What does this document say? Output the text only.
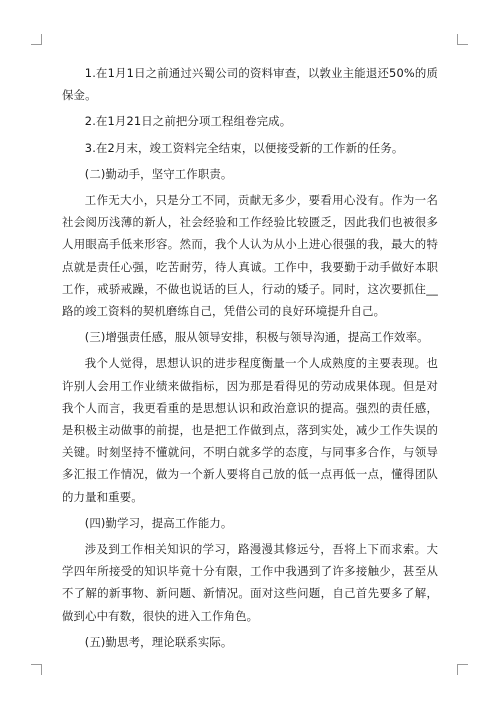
1.在1月1日之前通过兴蜀公司的资料审查，以敦业主能退还50%的质保金。

2.在1月21日之前把分项工程组卷完成。

3.在2月末，竣工资料完全结束，以便接受新的工作新的任务。

(二)勤动手，坚守工作职责。

工作无大小，只是分工不同，贡献无多少，要看用心没有。作为一名社会阅历浅薄的新人，社会经验和工作经验比较匮乏，因此我们也被很多人用眼高手低来形容。然而，我个人认为从小上进心很强的我，最大的特点就是责任心强，吃苦耐劳，待人真诚。工作中，我要勤于动手做好本职工作，戒骄戒躁，不做也说话的巨人，行动的矮子。同时，这次要抓住__路的竣工资料的契机磨练自己，凭借公司的良好环境提升自己。

(三)增强责任感，服从领导安排，积极与领导沟通，提高工作效率。

我个人觉得，思想认识的进步程度衡量一个人成熟度的主要表现。也许别人会用工作业绩来做指标，因为那是看得见的劳动成果体现。但是对我个人而言，我更看重的是思想认识和政治意识的提高。强烈的责任感，是积极主动做事的前提，也是把工作做到点，落到实处，减少工作失误的关键。时刻坚持不懂就问，不明白就多学的态度，与同事多合作，与领导多汇报工作情况，做为一个新人要将自己放的低一点再低一点，懂得团队的力量和重要。

(四)勤学习，提高工作能力。

涉及到工作相关知识的学习，路漫漫其修远兮，吾将上下而求索。大学四年所接受的知识毕竟十分有限，工作中我遇到了许多接触少，甚至从不了解的新事物、新问题、新情况。面对这些问题，自己首先要多了解，做到心中有数，很快的进入工作角色。

(五)勤思考，理论联系实际。
